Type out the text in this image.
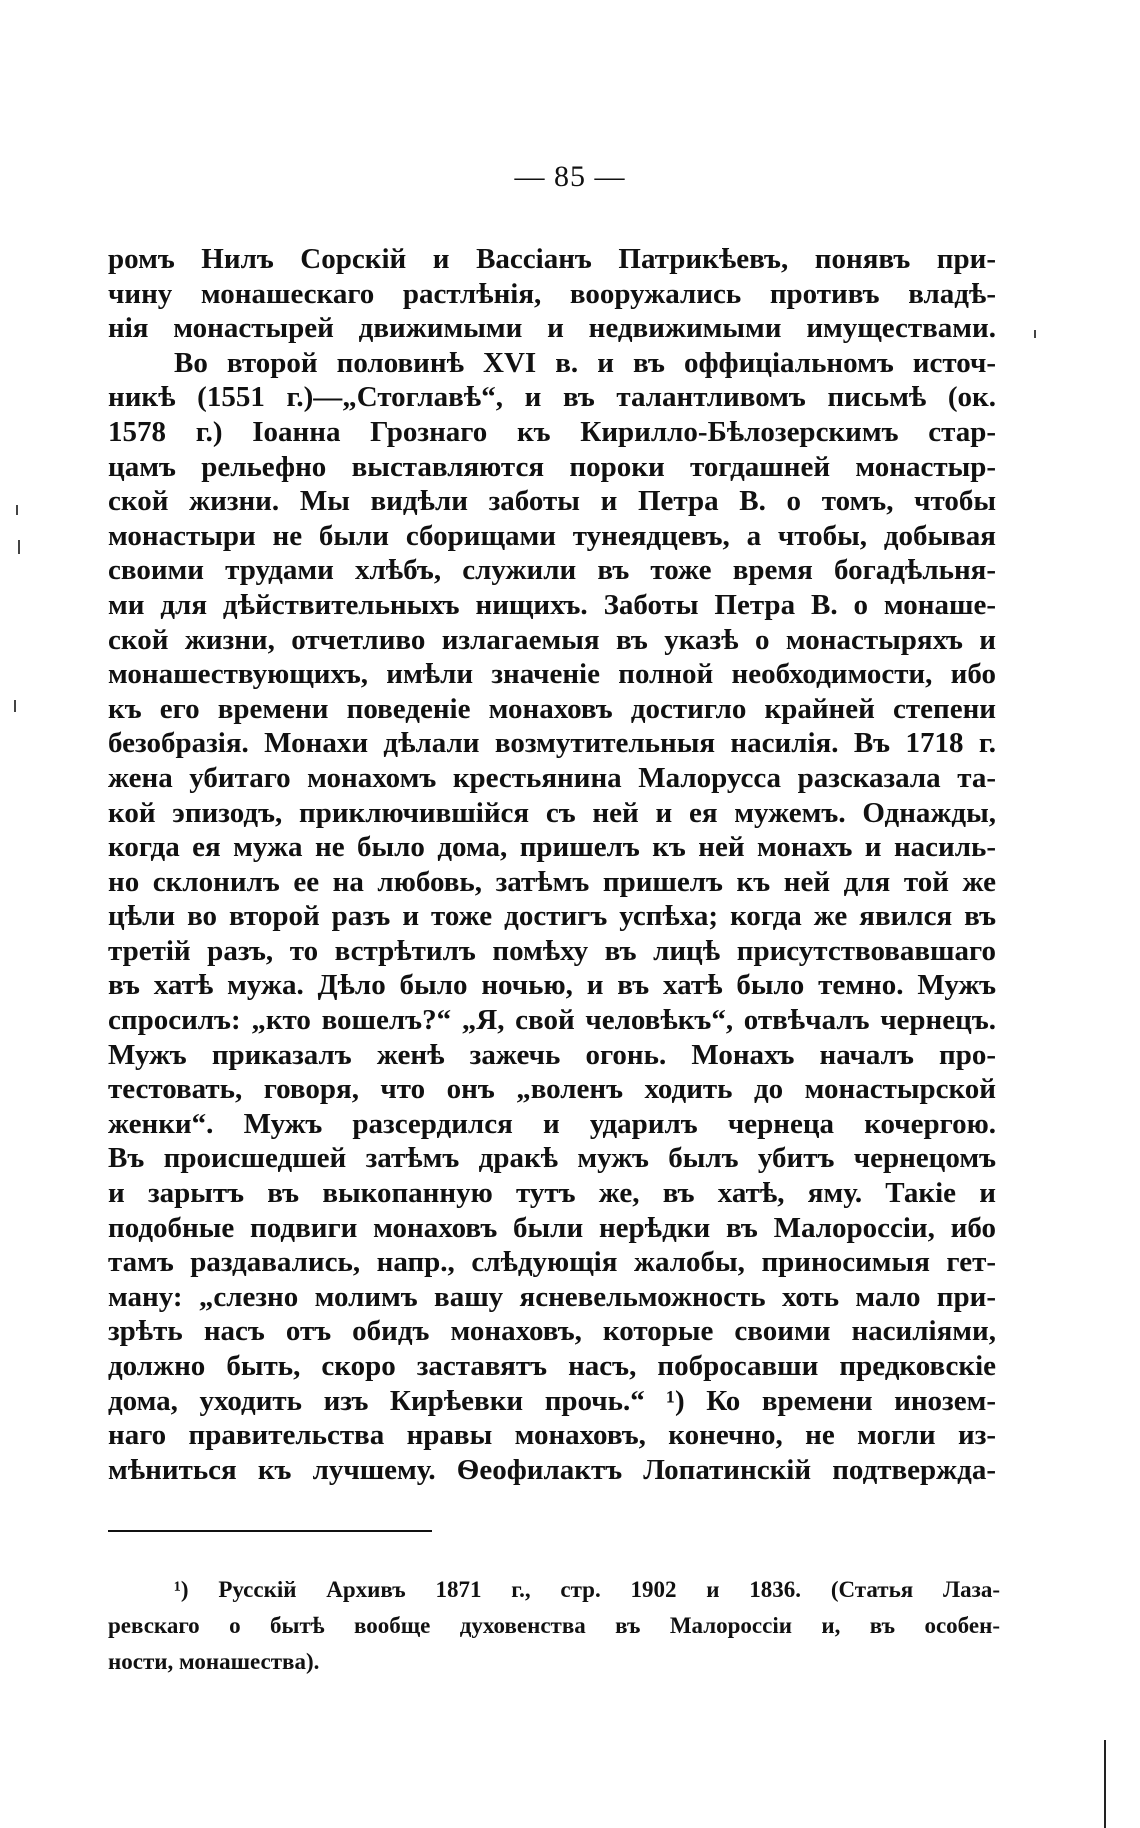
— 85 —
ромъ Нилъ Сорскій и Вассіанъ Патрикѣевъ, понявъ при-
чину монашескаго растлѣнія, вооружались противъ владѣ-
нія монастырей движимыми и недвижимыми имуществами.
Во второй половинѣ XVI в. и въ оффиціальномъ источ-
никѣ (1551 г.)—„Стоглавѣ“, и въ талантливомъ письмѣ (ок.
1578 г.) Іоанна Грознаго къ Кирилло-Бѣлозерскимъ стар-
цамъ рельефно выставляются пороки тогдашней монастыр-
ской жизни. Мы видѣли заботы и Петра В. о томъ, чтобы
монастыри не были сборищами тунеядцевъ, а чтобы, добывая
своими трудами хлѣбъ, служили въ тоже время богадѣльня-
ми для дѣйствительныхъ нищихъ. Заботы Петра В. о монаше-
ской жизни, отчетливо излагаемыя въ указѣ о монастыряхъ и
монашествующихъ, имѣли значеніе полной необходимости, ибо
къ его времени поведеніе монаховъ достигло крайней степени
безобразія. Монахи дѣлали возмутительныя насилія. Въ 1718 г.
жена убитаго монахомъ крестьянина Малорусса разсказала та-
кой эпизодъ, приключившійся съ ней и ея мужемъ. Однажды,
когда ея мужа не было дома, пришелъ къ ней монахъ и насиль-
но склонилъ ее на любовь, затѣмъ пришелъ къ ней для той же
цѣли во второй разъ и тоже достигъ успѣха; когда же явился въ
третій разъ, то встрѣтилъ помѣху въ лицѣ присутствовавшаго
въ хатѣ мужа. Дѣло было ночью, и въ хатѣ было темно. Мужъ
спросилъ: „кто вошелъ?“ „Я, свой человѣкъ“, отвѣчалъ чернецъ.
Мужъ приказалъ женѣ зажечь огонь. Монахъ началъ про-
тестовать, говоря, что онъ „воленъ ходить до монастырской
женки“. Мужъ разсердился и ударилъ чернеца кочергою.
Въ происшедшей затѣмъ дракѣ мужъ былъ убитъ чернецомъ
и зарытъ въ выкопанную тутъ же, въ хатѣ, яму. Такіе и
подобные подвиги монаховъ были нерѣдки въ Малороссіи, ибо
тамъ раздавались, напр., слѣдующія жалобы, приносимыя гет-
ману: „слезно молимъ вашу ясневельможность хоть мало при-
зрѣть насъ отъ обидъ монаховъ, которые своими насиліями,
должно быть, скоро заставятъ насъ, побросавши предковскіе
дома, уходить изъ Кирѣевки прочь.“ ¹) Ко времени инозем-
наго правительства нравы монаховъ, конечно, не могли из-
мѣниться къ лучшему. Ѳеофилактъ Лопатинскій подтвержда-
¹) Русскій Архивъ 1871 г., стр. 1902 и 1836. (Статья Лаза-
ревскаго о бытѣ вообще духовенства въ Малороссіи и, въ особен-
ности, монашества).
